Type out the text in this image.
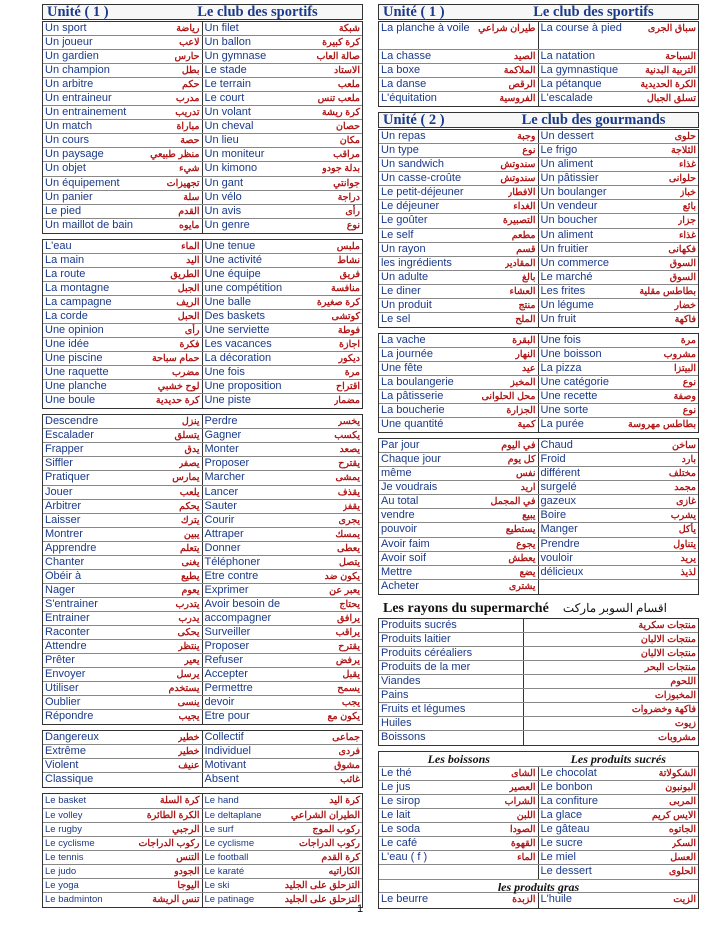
Unité ( 1 )	Le club des sportifs
Un sport	رياضة Un filet	شبكة
Un joueur	لاعب Un ballon	كرة كبيرة
Un gardien	حارس Un gymnase	صالة العاب
Un champion	بطل Le stade	الاستاد
Un arbitre	حكم Le terrain	ملعب
Un entraineur	مدرب Le court	ملعب تنس
Un entrainement	تدريب Un volant	كرة ريشة
Un match	مباراة Un cheval	حصان
Un cours	حصة Un lieu	مكان
Un paysage	منظر طبيعي Un moniteur	مراقب
Un objet	شيء Un kimono	بدلة جودو
Un équipement	تجهيزات Un gant	جوانتي
Un panier	سلة Un vélo	دراجة
Le pied	القدم Un avis	رأى
Un maillot de bain	مايوه Un genre	نوع
L'eau	الماء Une tenue	ملبس
La main	اليد Une activité	نشاط
La route	الطريق Une équipe	فريق
La montagne	الجبل une compétition	منافسة
La campagne	الريف Une balle	كرة صغيرة
La corde	الحبل Des baskets	كوتشى
Une opinion	رأى Une serviette	فوطة
Une idée	فكرة Les vacances	اجازة
Une piscine	حمام سباحة La décoration	ديكور
Une raquette	مضرب Une fois	مرة
Une planche	لوح خشبي Une proposition	اقتراح
Une boule	كرة حديدية Une piste	مضمار
Descendre	ينزل Perdre	يخسر
Escalader	يتسلق Gagner	يكسب
Frapper	يدق Monter	يصعد
Siffler	يصفر Proposer	يقترح
Pratiquer	يمارس Marcher	يمشى
Jouer	يلعب Lancer	يقذف
Arbitrer	يحكم Sauter	يقفز
Laisser	يترك Courir	يجرى
Montrer	يبين Attraper	يمسك
Apprendre	يتعلم Donner	يعطى
Chanter	يغنى Téléphoner	يتصل
Obéir à	يطيع Etre contre	يكون ضد
Nager	يعوم Exprimer	يعبر عن
S'entrainer	يتدرب Avoir besoin de	يحتاج
Entrainer	يدرب accompagner	يرافق
Raconter	يحكى Surveiller	يراقب
Attendre	ينتظر Proposer	يقترح
Prêter	يعير Refuser	يرفض
Envoyer	يرسل Accepter	يقبل
Utiliser	يستخدم Permettre	يسمح
Oublier	ينسى devoir	يجب
Répondre	يجيب Etre pour	يكون مع
Dangereux	خطير Collectif	جماعى
Extrême	خطير Individuel	فردى
Violent	عنيف Motivant	مشوق
Classique	Absent	غائب
Le basket	كرة السلة Le hand	كرة اليد
Le volley	الكرة الطائرة Le deltaplane	الطيران الشراعي
Le rugby	الرجبي Le surf	ركوب الموج
Le cyclisme	ركوب الدراجات Le cyclisme	ركوب الدراجات
Le tennis	التنس Le football	كرة القدم
Le judo	الجودو Le karaté	الكاراتيه
Le yoga	اليوجا Le ski	التزحلق على الجليد
Le badminton	تنس الريشة Le patinage	التزحلق على الجليد
Unité ( 1 )	Le club des sportifs
La planche à voile طيران شراعي La course à pied	سباق الجرى
La chasse	الصيد La natation	السباحة
La boxe	الملاكمة La gymnastique	التربية البدنية
La danse	الرقص La pétanque	الكرة الحديدية
L'équitation	الفروسية L'escalade	تسلق الجبال
Unité ( 2 )	Le club des gourmands
Un repas	وجبة Un dessert	حلوى
Un type	نوع Le frigo	الثلاجة
Un sandwich	سندوتش Un aliment	غذاء
Un casse-croûte	سندوتش Un pâtissier	حلوانى
Le petit-déjeuner	الافطار Un boulanger	خباز
Le déjeuner	الغداء Un vendeur	بائع
Le goûter	التصبيرة Un boucher	جزار
Le self	مطعم Un aliment	غذاء
Un rayon	قسم Un fruitier	فكهانى
les ingrédients	المقادير Un commerce	السوق
Un adulte	بالغ Le marché	السوق
Le diner	العشاء Les frites	بطاطس مقلية
Un produit	منتج Un légume	خضار
Le sel	الملح Un fruit	فاكهة
La vache	البقرة Une fois	مرة
La journée	النهار Une boisson	مشروب
Une fête	عيد La pizza	البيتزا
La boulangerie	المخبز Une catégorie	نوع
La pâtisserie	محل الحلوانى Une recette	وصفة
La boucherie	الجزارة Une sorte	نوع
Une quantité	كمية La purée	بطاطس مهروسة
Par jour	في اليوم Chaud	ساخن
Chaque jour	كل يوم Froid	بارد
même	نفس différent	مختلف
Je voudrais	اريد surgelé	مجمد
Au total	في المجمل gazeux	غازى
vendre	يبيع Boire	يشرب
pouvoir	يستطيع Manger	يأكل
Avoir faim	يجوع Prendre	يتناول
Avoir soif	يعطش vouloir	يريد
Mettre	يضع délicieux	لذيذ
Acheter	يشترى
Les rayons du supermarché اقسام السوبر ماركت
Produits sucrés	منتجات سكرية
Produits laitier	منتجات الالبان
Produits céréaliers	منتجات الالبان
Produits de la mer	منتجات البحر
Viandes	اللحوم
Pains	المخبوزات
Fruits et légumes	فاكهة وخضروات
Huiles	زيوت
Boissons	مشروبات
Les boissons	Les produits sucrés
Le thé	الشاى Le chocolat	الشكولاتة
Le jus	العصير Le bonbon	البونبون
Le sirop	الشراب La confiture	المربى
Le lait	اللبن La glace	الايس كريم
Le soda	الصودا Le gâteau	الجاتوه
Le café	القهوة Le sucre	السكر
L'eau ( f )	الماء Le miel	العسل
Le dessert	الحلوى
les produits gras
Le beurre	الزبدة L'huile	الزيت
1
